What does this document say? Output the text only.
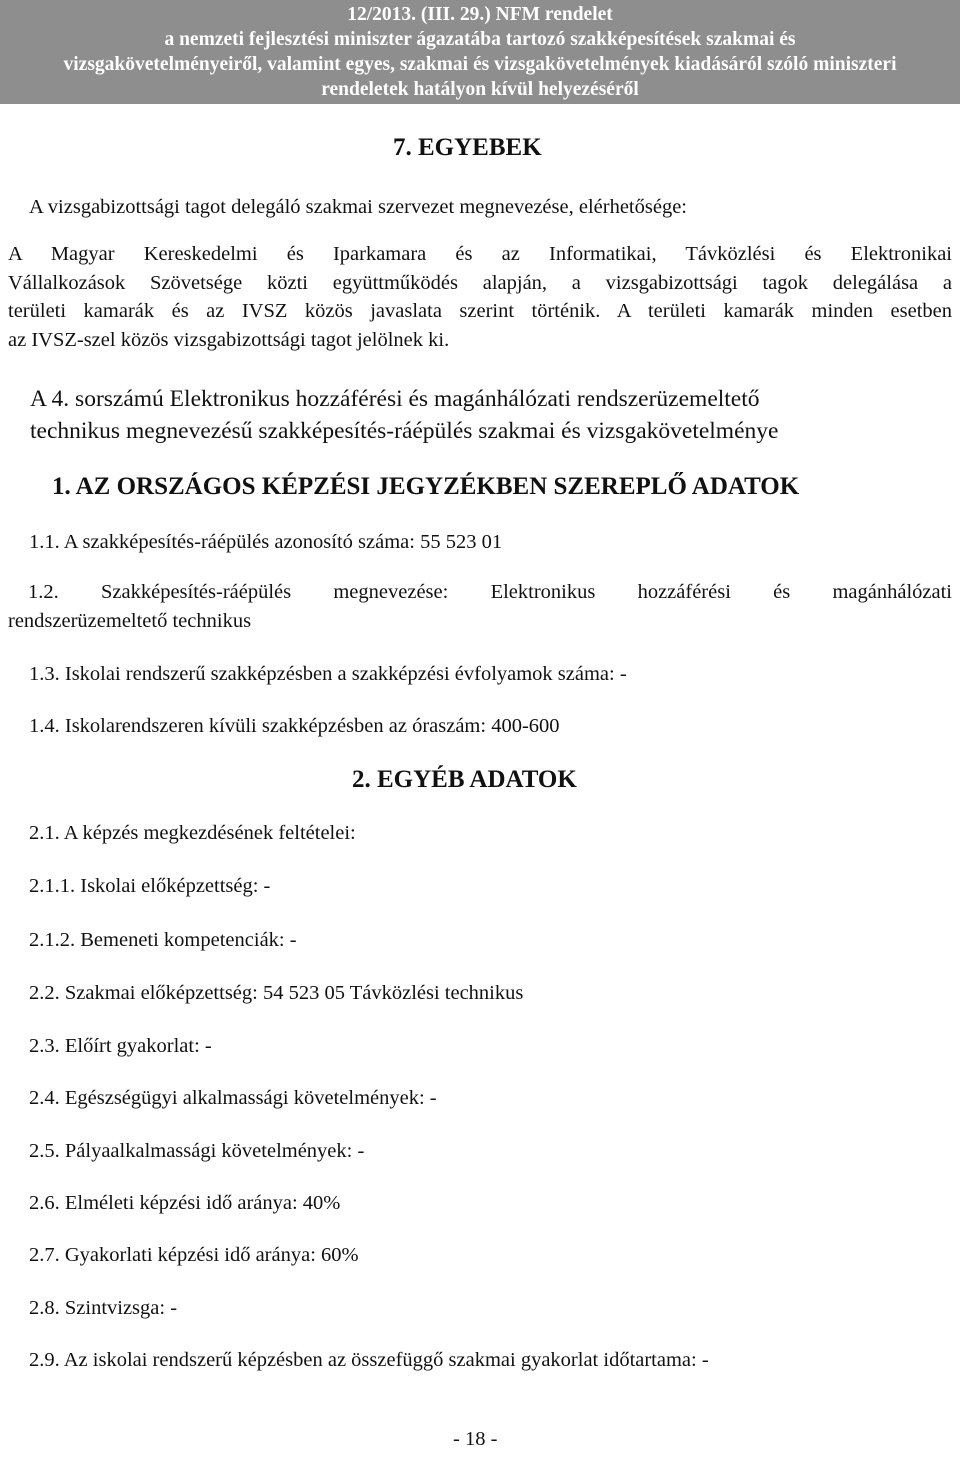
12/2013. (III. 29.) NFM rendelet
a nemzeti fejlesztési miniszter ágazatába tartozó szakképesítések szakmai és
vizsgakövetelményeiről, valamint egyes, szakmai és vizsgakövetelmények kiadásáról szóló miniszteri
rendeletek hatályon kívül helyezéséről
7. EGYEBEK
A vizsgabizottsági tagot delegáló szakmai szervezet megnevezése, elérhetősége:
A Magyar Kereskedelmi és Iparkamara és az Informatikai, Távközlési és Elektronikai
Vállalkozások Szövetsége közti együttműködés alapján, a vizsgabizottsági tagok delegálása a
területi kamarák és az IVSZ közös javaslata szerint történik. A területi kamarák minden esetben
az IVSZ-szel közös vizsgabizottsági tagot jelölnek ki.
A 4. sorszámú Elektronikus hozzáférési és magánhálózati rendszerüzemeltető
technikus megnevezésű szakképesítés-ráépülés szakmai és vizsgakövetelménye
1. AZ ORSZÁGOS KÉPZÉSI JEGYZÉKBEN SZEREPLŐ ADATOK
1.1. A szakképesítés-ráépülés azonosító száma: 55 523 01
1.2. Szakképesítés-ráépülés megnevezése: Elektronikus hozzáférési és magánhálózati
rendszerüzemeltető technikus
1.3. Iskolai rendszerű szakképzésben a szakképzési évfolyamok száma: -
1.4. Iskolarendszeren kívüli szakképzésben az óraszám: 400-600
2. EGYÉB ADATOK
2.1. A képzés megkezdésének feltételei:
2.1.1. Iskolai előképzettség: -
2.1.2. Bemeneti kompetenciák: -
2.2. Szakmai előképzettség: 54 523 05 Távközlési technikus
2.3. Előírt gyakorlat: -
2.4. Egészségügyi alkalmassági követelmények: -
2.5. Pályaalkalmassági követelmények: -
2.6. Elméleti képzési idő aránya: 40%
2.7. Gyakorlati képzési idő aránya: 60%
2.8. Szintvizsga: -
2.9. Az iskolai rendszerű képzésben az összefüggő szakmai gyakorlat időtartama: -
- 18 -
